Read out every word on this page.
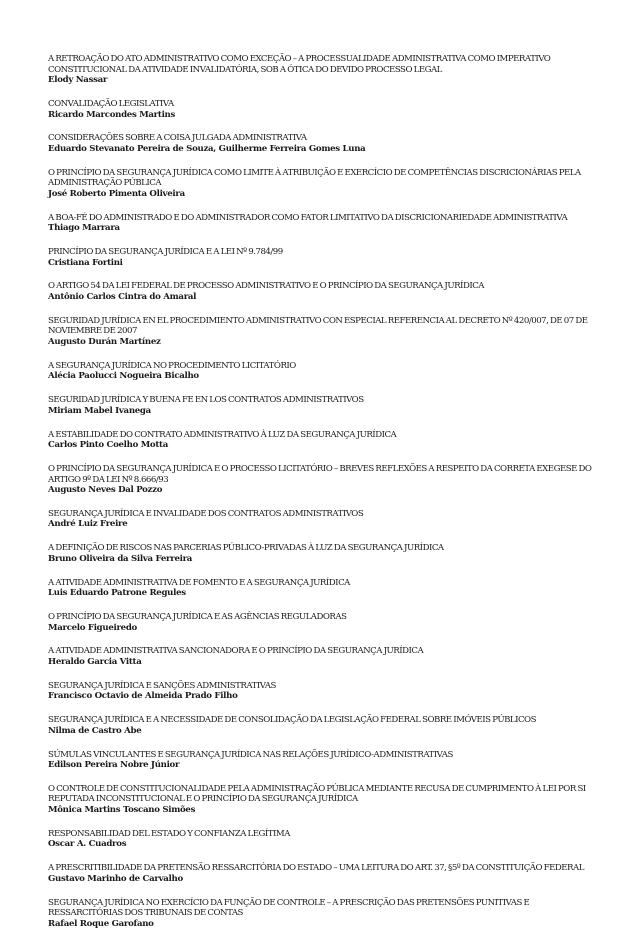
A RETROAÇÃO DO ATO ADMINISTRATIVO COMO EXCEÇÃO – A PROCESSUALIDADE ADMINISTRATIVA COMO IMPERATIVO CONSTITUCIONAL DA ATIVIDADE INVALIDATÓRIA, SOB A ÓTICA DO DEVIDO PROCESSO LEGAL

Elody Nassar

CONVALIDAÇÃO LEGISLATIVA

Ricardo Marcondes Martins

CONSIDERAÇÕES SOBRE A COISA JULGADA ADMINISTRATIVA

Eduardo Stevanato Pereira de Souza, Guilherme Ferreira Gomes Luna

O PRINCÍPIO DA SEGURANÇA JURÍDICA COMO LIMITE À ATRIBUIÇÃO E EXERCÍCIO DE COMPETÊNCIAS DISCRICIONÁRIAS PELA ADMINISTRAÇÃO PÚBLICA

José Roberto Pimenta Oliveira

A BOA-FÉ DO ADMINISTRADO E DO ADMINISTRADOR COMO FATOR LIMITATIVO DA DISCRICIONARIEDADE ADMINISTRATIVA

Thiago Marrara

PRINCÍPIO DA SEGURANÇA JURÍDICA E A LEI Nº 9.784/99

Cristiana Fortini

O ARTIGO 54 DA LEI FEDERAL DE PROCESSO ADMINISTRATIVO E O PRINCÍPIO DA SEGURANÇA JURÍDICA

Antônio Carlos Cintra do Amaral

SEGURIDAD JURÍDICA EN EL PROCEDIMIENTO ADMINISTRATIVO CON ESPECIAL REFERENCIA AL DECRETO Nº 420/007, DE 07 DE NOVIEMBRE DE 2007

Augusto Durán Martínez

A SEGURANÇA JURÍDICA NO PROCEDIMENTO LICITATÓRIO

Alécia Paolucci Nogueira Bicalho

SEGURIDAD JURÍDICA Y BUENA FE EN LOS CONTRATOS ADMINISTRATIVOS

Miriam Mabel Ivanega

A ESTABILIDADE DO CONTRATO ADMINISTRATIVO À LUZ DA SEGURANÇA JURÍDICA

Carlos Pinto Coelho Motta

O PRINCÍPIO DA SEGURANÇA JURÍDICA E O PROCESSO LICITATÓRIO – BREVES REFLEXÕES A RESPEITO DA CORRETA EXEGESE DO ARTIGO 9º DA LEI Nº 8.666/93

Augusto Neves Dal Pozzo

SEGURANÇA JURÍDICA E INVALIDADE DOS CONTRATOS ADMINISTRATIVOS

André Luiz Freire

A DEFINIÇÃO DE RISCOS NAS PARCERIAS PÚBLICO-PRIVADAS À LUZ DA SEGURANÇA JURÍDICA

Bruno Oliveira da Silva Ferreira

A ATIVIDADE ADMINISTRATIVA DE FOMENTO E A SEGURANÇA JURÍDICA

Luis Eduardo Patrone Regules

O PRINCÍPIO DA SEGURANÇA JURÍDICA E AS AGÊNCIAS REGULADORAS

Marcelo Figueiredo

A ATIVIDADE ADMINISTRATIVA SANCIONADORA E O PRINCÍPIO DA SEGURANÇA JURÍDICA

Heraldo Garcia Vitta

SEGURANÇA JURÍDICA E SANÇÕES ADMINISTRATIVAS

Francisco Octavio de Almeida Prado Filho

SEGURANÇA JURÍDICA E A NECESSIDADE DE CONSOLIDAÇÃO DA LEGISLAÇÃO FEDERAL SOBRE IMÓVEIS PÚBLICOS

Nilma de Castro Abe

SÚMULAS VINCULANTES E SEGURANÇA JURÍDICA NAS RELAÇÕES JURÍDICO-ADMINISTRATIVAS

Edilson Pereira Nobre Júnior

O CONTROLE DE CONSTITUCIONALIDADE PELA ADMINISTRAÇÃO PÚBLICA MEDIANTE RECUSA DE CUMPRIMENTO À LEI POR SI REPUTADA INCONSTITUCIONAL E O PRINCÍPIO DA SEGURANÇA JURÍDICA

Mônica Martins Toscano Simões

RESPONSABILIDAD DEL ESTADO Y CONFIANZA LEGÍTIMA

Oscar A. Cuadros

A PRESCRITIBILIDADE DA PRETENSÃO RESSARCITÓRIA DO ESTADO – UMA LEITURA DO ART. 37, §5º DA CONSTITUIÇÃO FEDERAL

Gustavo Marinho de Carvalho

SEGURANÇA JURÍDICA NO EXERCÍCIO DA FUNÇÃO DE CONTROLE – A PRESCRIÇÃO DAS PRETENSÕES PUNITIVAS E RESSARCITÓRIAS DOS TRIBUNAIS DE CONTAS

Rafael Roque Garofano
